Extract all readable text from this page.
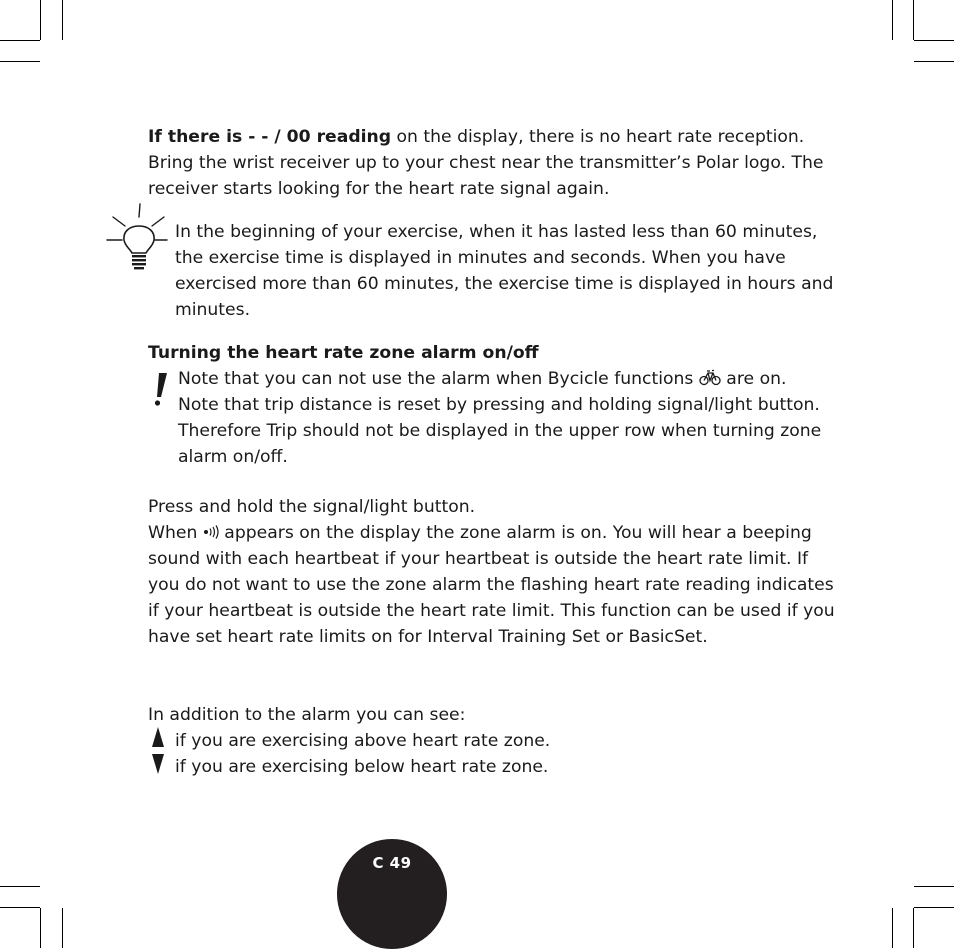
If there is - - / 00 reading on the display, there is no heart rate reception. Bring the wrist receiver up to your chest near the transmitter’s Polar logo. The receiver starts looking for the heart rate signal again.

In the beginning of your exercise, when it has lasted less than 60 minutes, the exercise time is displayed in minutes and seconds. When you have exercised more than 60 minutes, the exercise time is displayed in hours and minutes.

Turning the heart rate zone alarm on/off

Note that you can not use the alarm when Bycicle functions  are on. Note that trip distance is reset by pressing and holding signal/light button. Therefore Trip should not be displayed in the upper row when turning zone alarm on/off.

Press and hold the signal/light button.

When  appears on the display the zone alarm is on. You will hear a beeping sound with each heartbeat if your heartbeat is outside the heart rate limit. If you do not want to use the zone alarm the flashing heart rate reading indicates if your heartbeat is outside the heart rate limit. This function can be used if you have set heart rate limits on for Interval Training Set or BasicSet.

In addition to the alarm you can see:

if you are exercising above heart rate zone.

if you are exercising below heart rate zone.

C 49
